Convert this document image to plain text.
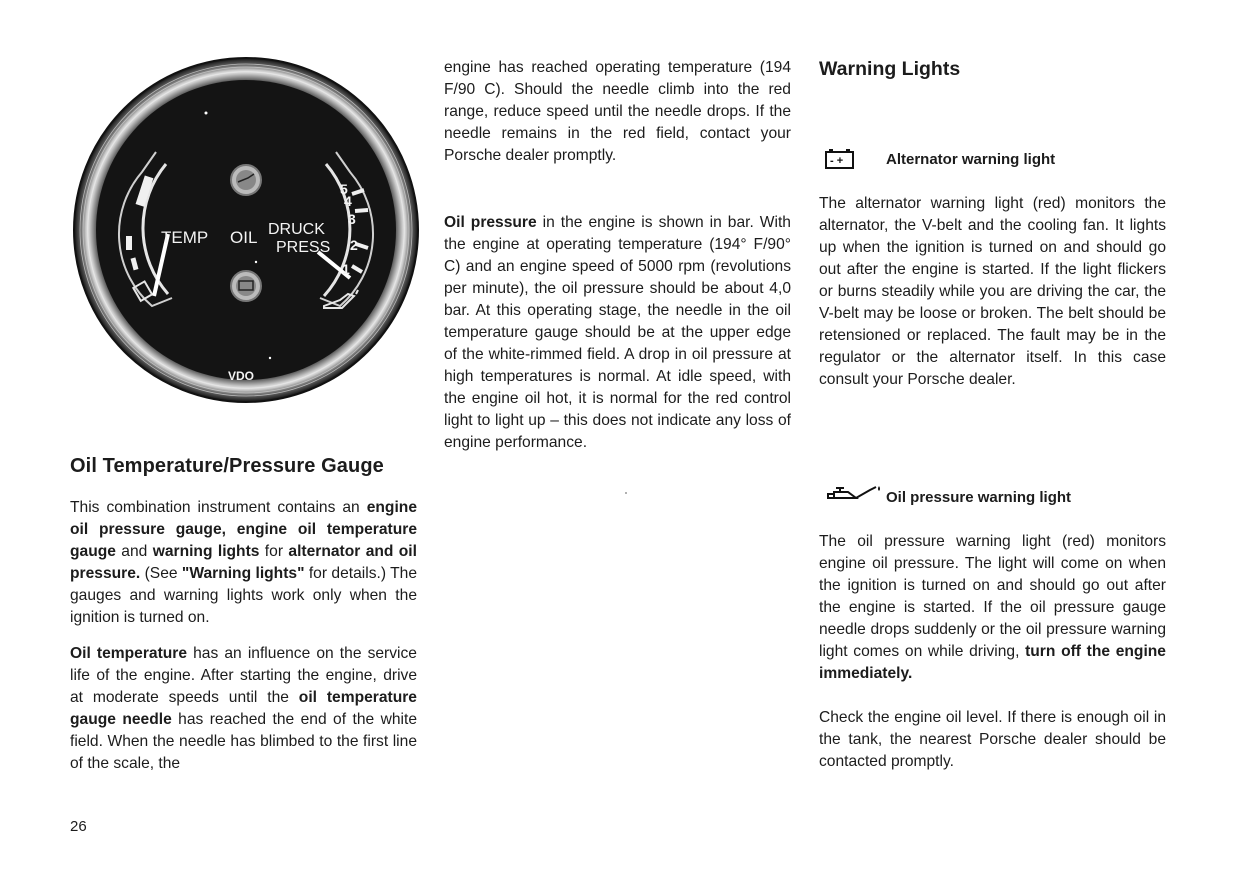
5
4
3
2
1
TEMP OIL DRUCK
PRESS
VDO
Oil Temperature/Pressure Gauge

This combination instrument contains an engine oil pressure gauge, engine oil temperature gauge and warning lights for alternator and oil pressure. (See "Warning lights" for details.) The gauges and warning lights work only when the ignition is turned on.

Oil temperature has an influence on the service life of the engine. After starting the engine, drive at moderate speeds until the oil temperature gauge needle has reached the end of the white field. When the needle has blimbed to the first line of the scale, the

engine has reached operating temperature (194 F/90 C). Should the needle climb into the red range, reduce speed until the needle drops. If the needle remains in the red field, contact your Porsche dealer promptly.

Oil pressure in the engine is shown in bar. With the engine at operating temperature (194° F/90° C) and an engine speed of 5000 rpm (revolutions per minute), the oil pressure should be about 4,0 bar. At this operating stage, the needle in the oil temperature gauge should be at the upper edge of the white-rimmed field. A drop in oil pressure at high temperatures is normal. At idle speed, with the engine oil hot, it is normal for the red control light to light up – this does not indicate any loss of engine performance.

Warning Lights
- +	Alternator warning light

The alternator warning light (red) monitors the alternator, the V-belt and the cooling fan. It lights up when the ignition is turned on and should go out after the engine is started. If the light flickers or burns steadily while you are driving the car, the V-belt may be loose or broken. The belt should be retensioned or replaced. The fault may be in the regulator or the alternator itself. In this case consult your Porsche dealer.

Oil pressure warning light

The oil pressure warning light (red) monitors engine oil pressure. The light will come on when the ignition is turned on and should go out after the engine is started. If the oil pressure gauge needle drops suddenly or the oil pressure warning light comes on while driving, turn off the engine immediately.

Check the engine oil level. If there is enough oil in the tank, the nearest Porsche dealer should be contacted promptly.

26
